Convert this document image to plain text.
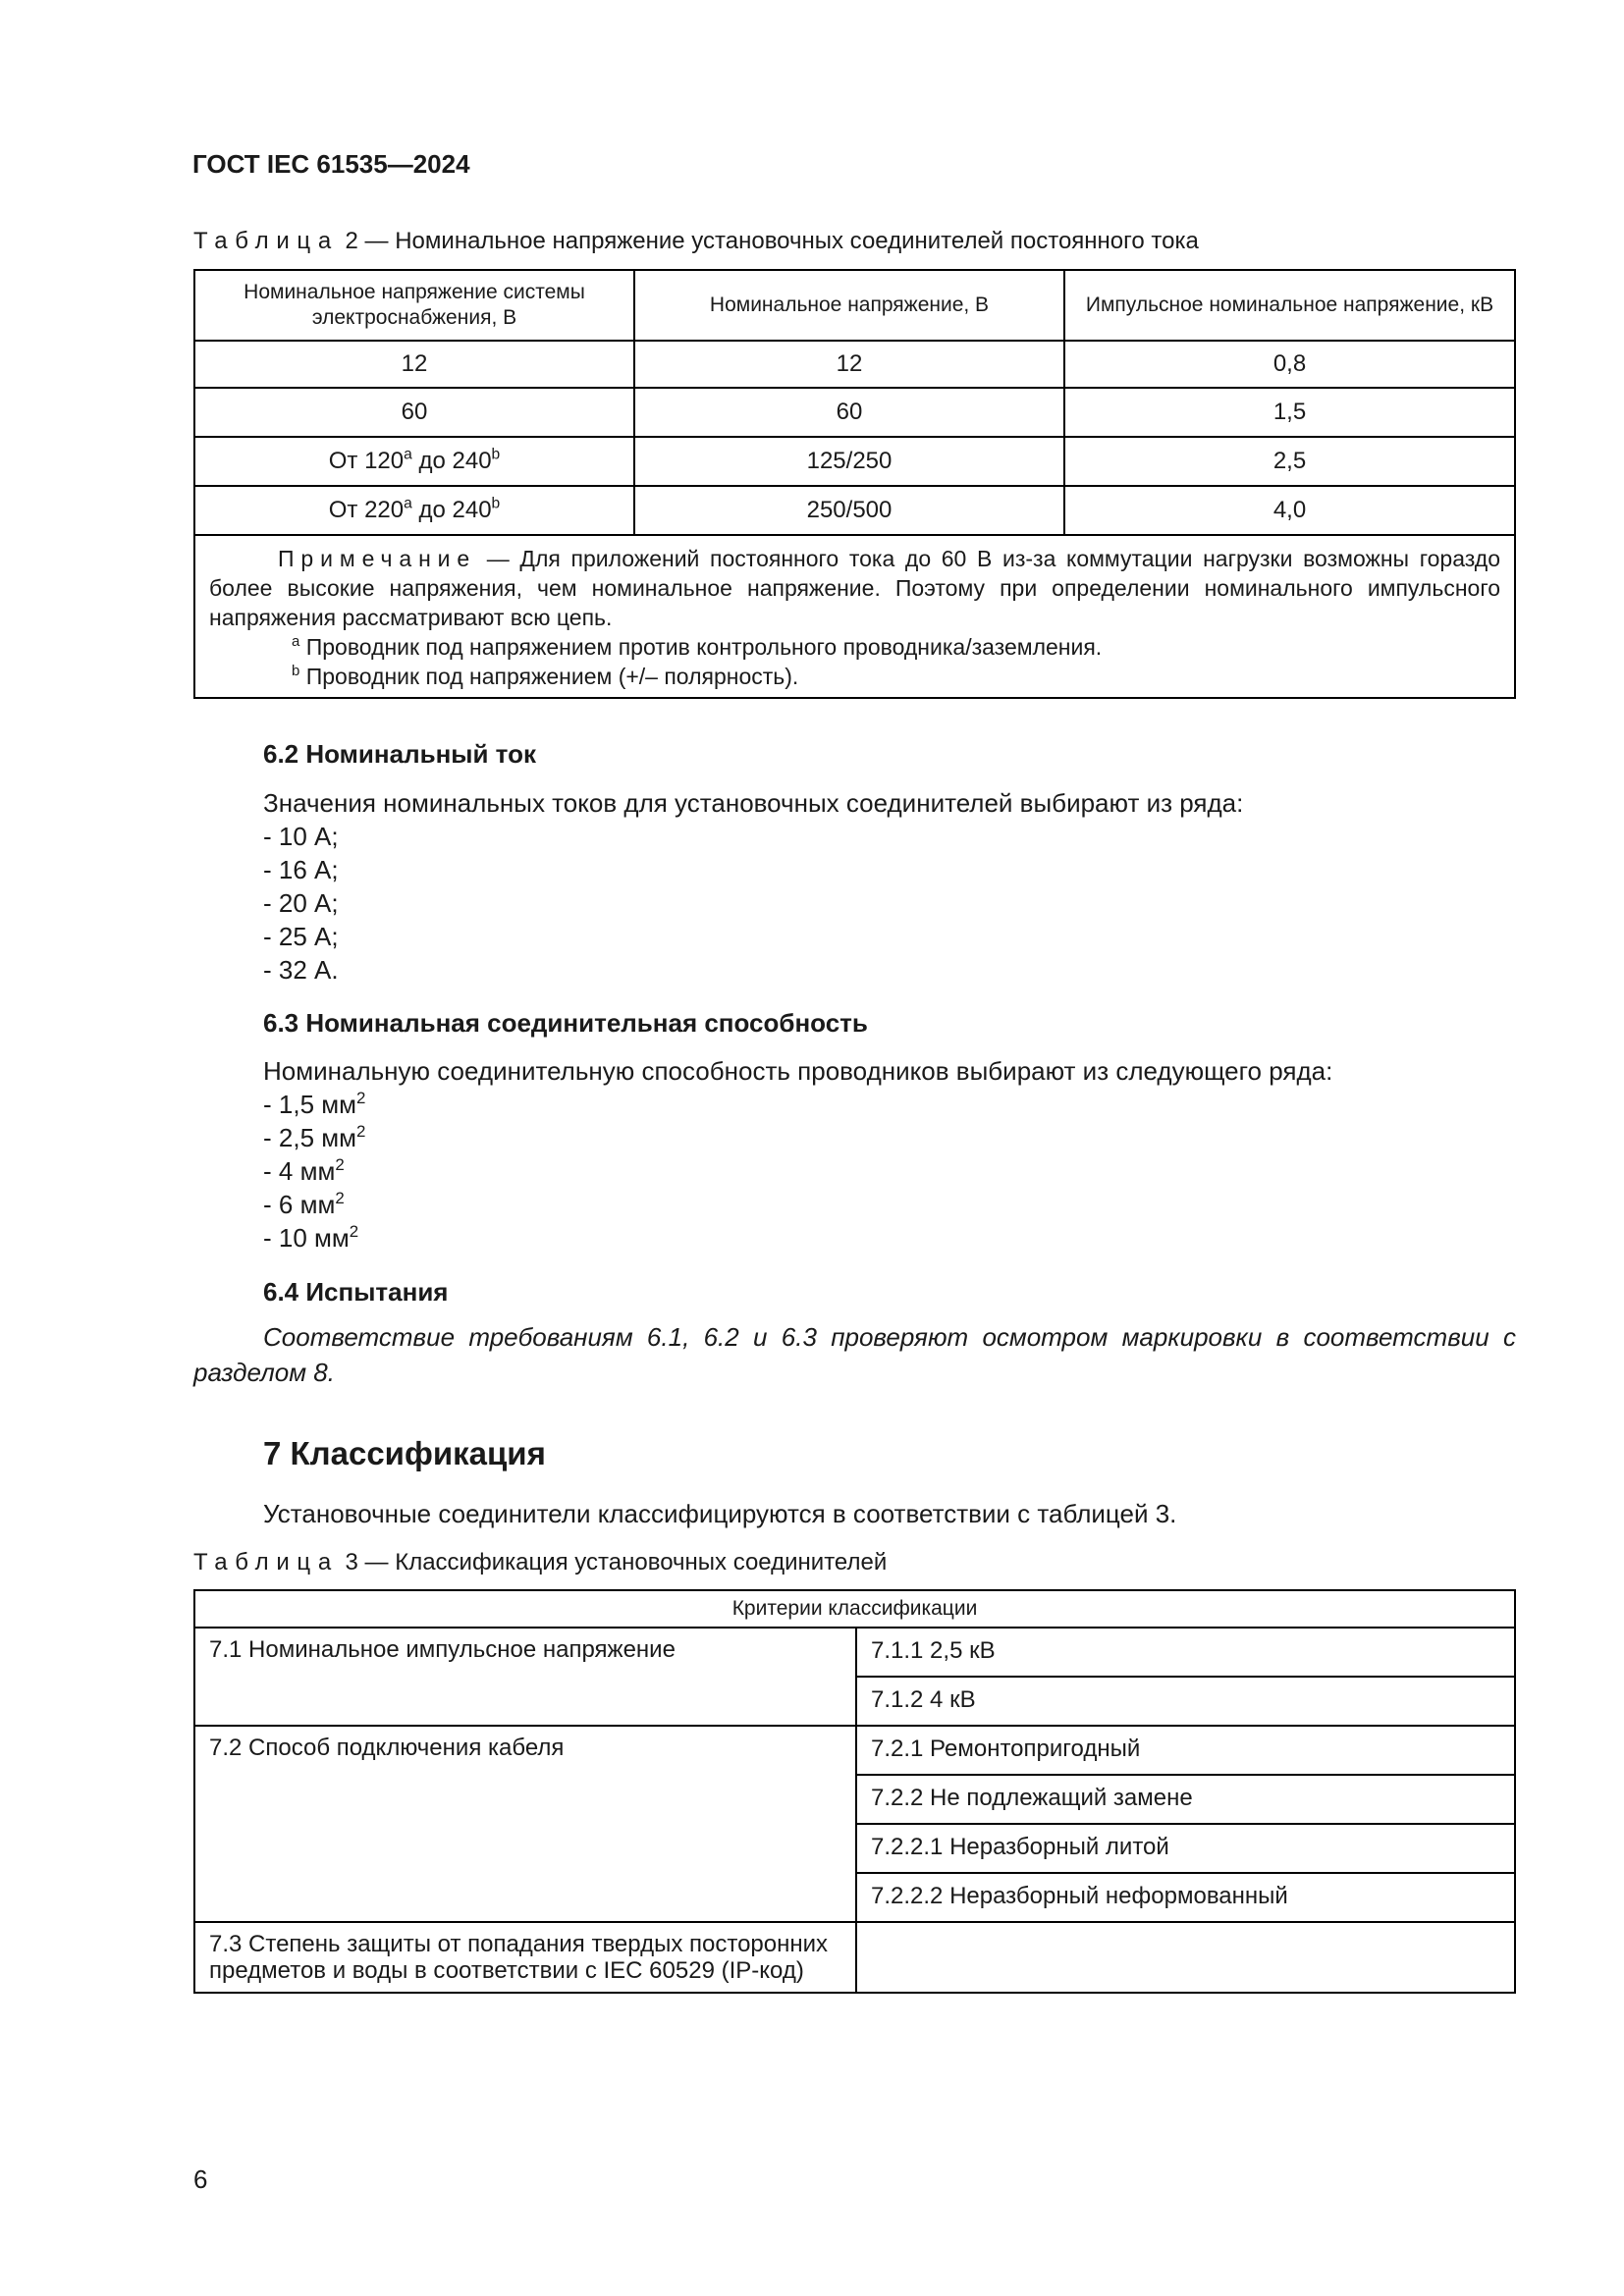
ГОСТ IEC 61535—2024
Таблица 2 — Номинальное напряжение установочных соединителей постоянного тока
Номинальное напряжение системы электроснабжения, В	Номинальное напряжение, В	Импульсное номинальное напряжение, кВ
12	12	0,8
60	60	1,5
От 120$^a$ до 240$^b$	125/250	2,5
От 220$^a$ до 240$^b$	250/500	4,0

Примечание — Для приложений постоянного тока до 60 В из-за коммутации нагрузки возможны гораздо более высокие напряжения, чем номинальное напряжение. Поэтому при определении номинального импульсного напряжения рассматривают всю цепь.
$^a$ Проводник под напряжением против контрольного проводника/заземления.
$^b$ Проводник под напряжением (+/– полярность).		
6.2 Номинальный ток
Значения номинальных токов для установочных соединителей выбирают из ряда:
- 10 А;
- 16 А;
- 20 А;
- 25 А;
- 32 А.
6.3 Номинальная соединительная способность
Номинальную соединительную способность проводников выбирают из следующего ряда:
- 1,5 $мм^2$
- 2,5 $мм^2$
- 4 $мм^2$
- 6 $мм^2$
- 10 $мм^2$
6.4 Испытания
Соответствие требованиям 6.1, 6.2 и 6.3 проверяют осмотром маркировки в соответствии с разделом 8.
7 Классификация
Установочные соединители классифицируются в соответствии с таблицей 3.
Таблица 3 — Классификация установочных соединителей
Критерии классификации	
7.1 Номинальное импульсное напряжение	7.1.1 2,5 кВ
	7.1.2 4 кВ
7.2 Способ подключения кабеля	7.2.1 Ремонтопригодный
	7.2.2 Не подлежащий замене
	7.2.2.1 Неразборный литой
	7.2.2.2 Неразборный неформованный
7.3 Степень защиты от попадания твердых посторонних предметов и воды в соответствии с IEC 60529 (IP-код)	
6
